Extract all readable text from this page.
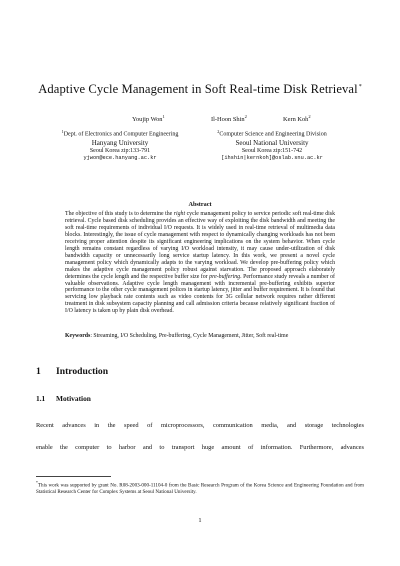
Adaptive Cycle Management in Soft Real-time Disk Retrieval*
Youjip Won$^1$	Il-Hoon Shin$^2$	Kern Koh$^2$
$^1$Dept. of Electronics and Computer Engineering
Hanyang University
Seoul Korea zip:133-791
yjwon@ece.hanyang.ac.kr
$^2$Computer Science and Engineering Division
Seoul National University
Seoul Korea zip:151-742
[ihshin|kernkoh]@oslab.snu.ac.kr
Abstract
The objective of this study is to determine the right cycle management policy to service periodic soft real-time disk retrieval. Cycle based disk scheduling provides an effective way of exploiting the disk bandwidth and meeting the soft real-time requirements of individual I/O requests. It is widely used in real-time retrieval of multimedia data blocks. Interestingly, the issue of cycle management with respect to dynamically changing workloads has not been receiving proper attention despite its significant engineering implications on the system behavior. When cycle length remains constant regardless of varying I/O workload intensity, it may cause under-utilization of disk bandwidth capacity or unnecessarily long service startup latency. In this work, we present a novel cycle management policy which dynamically adapts to the varying workload. We develop pre-buffering policy which makes the adaptive cycle management policy robust against starvation. The proposed approach elaborately determines the cycle length and the respective buffer size for pre-buffering. Performance study reveals a number of valuable observations. Adaptive cycle length management with incremental pre-buffering exhibits superior performance to the other cycle management polices in startup latency, jitter and buffer requirement. It is found that servicing low playback rate contents such as video contents for 3G cellular network requires rather different treatment in disk subsystem capacity planning and call admission criteria because relatively significant fraction of I/O latency is taken up by plain disk overhead.
Keywords: Streaming, I/O Scheduling, Pre-buffering, Cycle Management, Jitter, Soft real-time
1 Introduction
1.1 Motivation
Recent advances in the speed of microprocessors, communication media, and storage technologies
enable the computer to harbor and to transport huge amount of information. Furthermore, advances
*This work was supported by grant No. R08-2003-000-11104-0 from the Basic Research Program of the Korea Science and Engineering Foundation and from Statistical Research Center for Complex Systems at Seoul National University.
1
